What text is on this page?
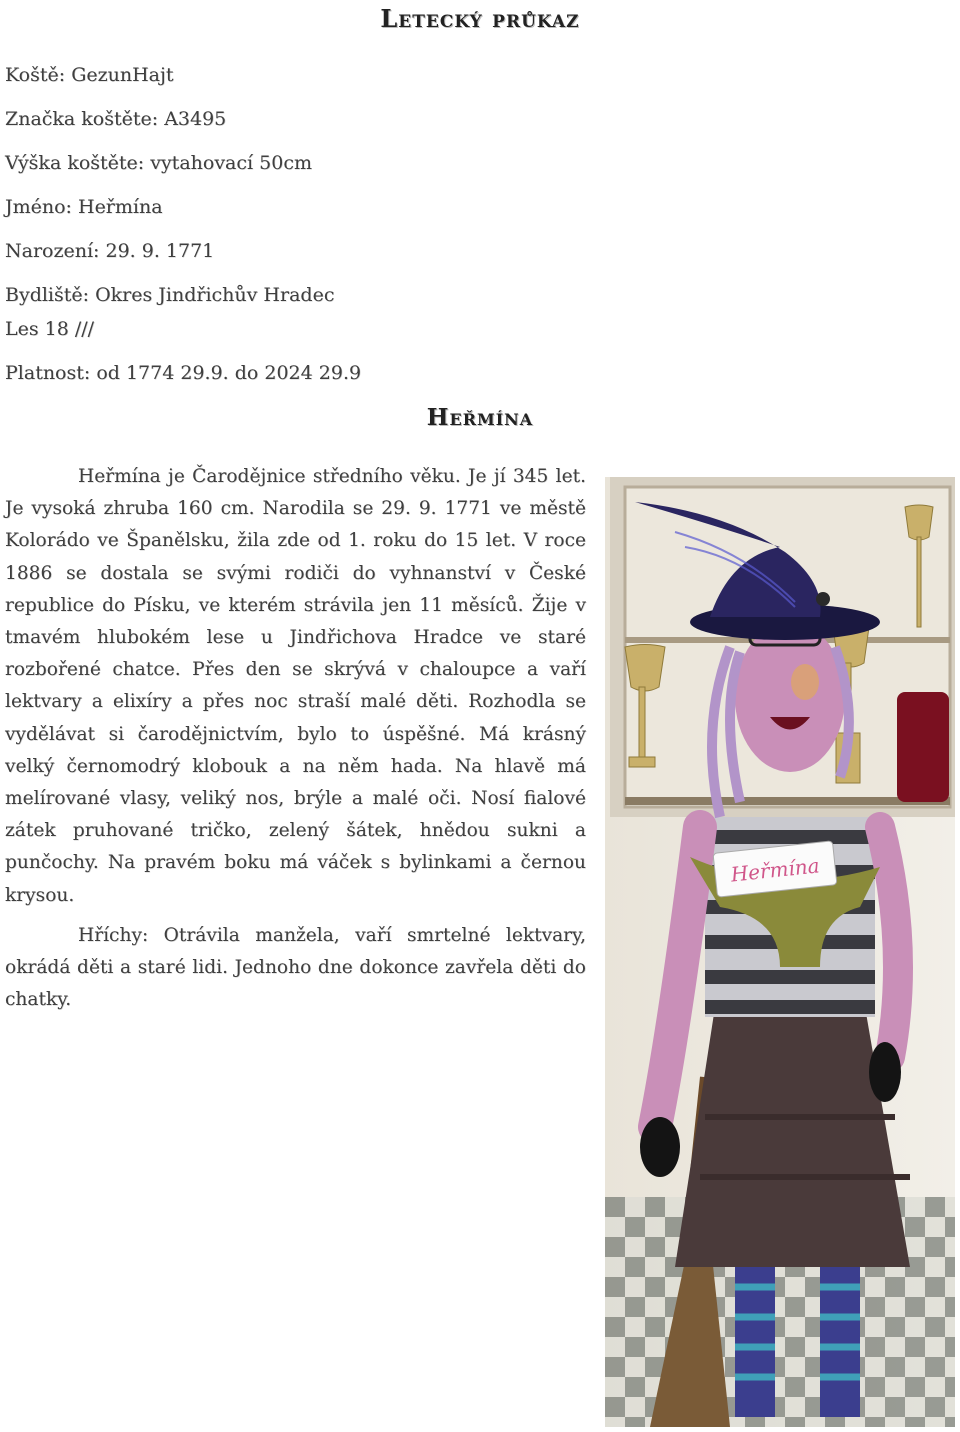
Letecký průkaz
Koště: GezunHajt
Značka koštěte: A3495
Výška koštěte: vytahovací 50cm
Jméno: Heřmína
Narození: 29. 9. 1771
Bydliště: Okres Jindřichův Hradec
Les 18 ///
Platnost: od 1774 29.9. do 2024 29.9
Heřmína

Heřmína je Čarodějnice středního věku. Je jí 345 let. Je vysoká zhruba 160 cm. Narodila se 29. 9. 1771 ve městě Kolorádo ve Španělsku, žila zde od 1. roku do 15 let. V roce 1886 se dostala se svými rodiči do vyhnanství v České republice do Písku, ve kterém strávila jen 11 měsíců. Žije v tmavém hlubokém lese u Jindřichova Hradce ve staré rozbořené chatce. Přes den se skrývá v chaloupce a vaří lektvary a elixíry a přes noc straší malé děti. Rozhodla se vydělávat si čarodějnictvím, bylo to úspěšné. Má krásný velký černomodrý klobouk a na něm hada. Na hlavě má melírované vlasy, veliký nos, brýle a malé oči. Nosí fialové zátek pruhované tričko, zelený šátek, hnědou sukni a punčochy. Na pravém boku má váček s bylinkami a černou krysou.

Hříchy: Otrávila manžela, vaří smrtelné lektvary, okrádá děti a staré lidi. Jednoho dne dokonce zavřela děti do chatky.

Heřmína
